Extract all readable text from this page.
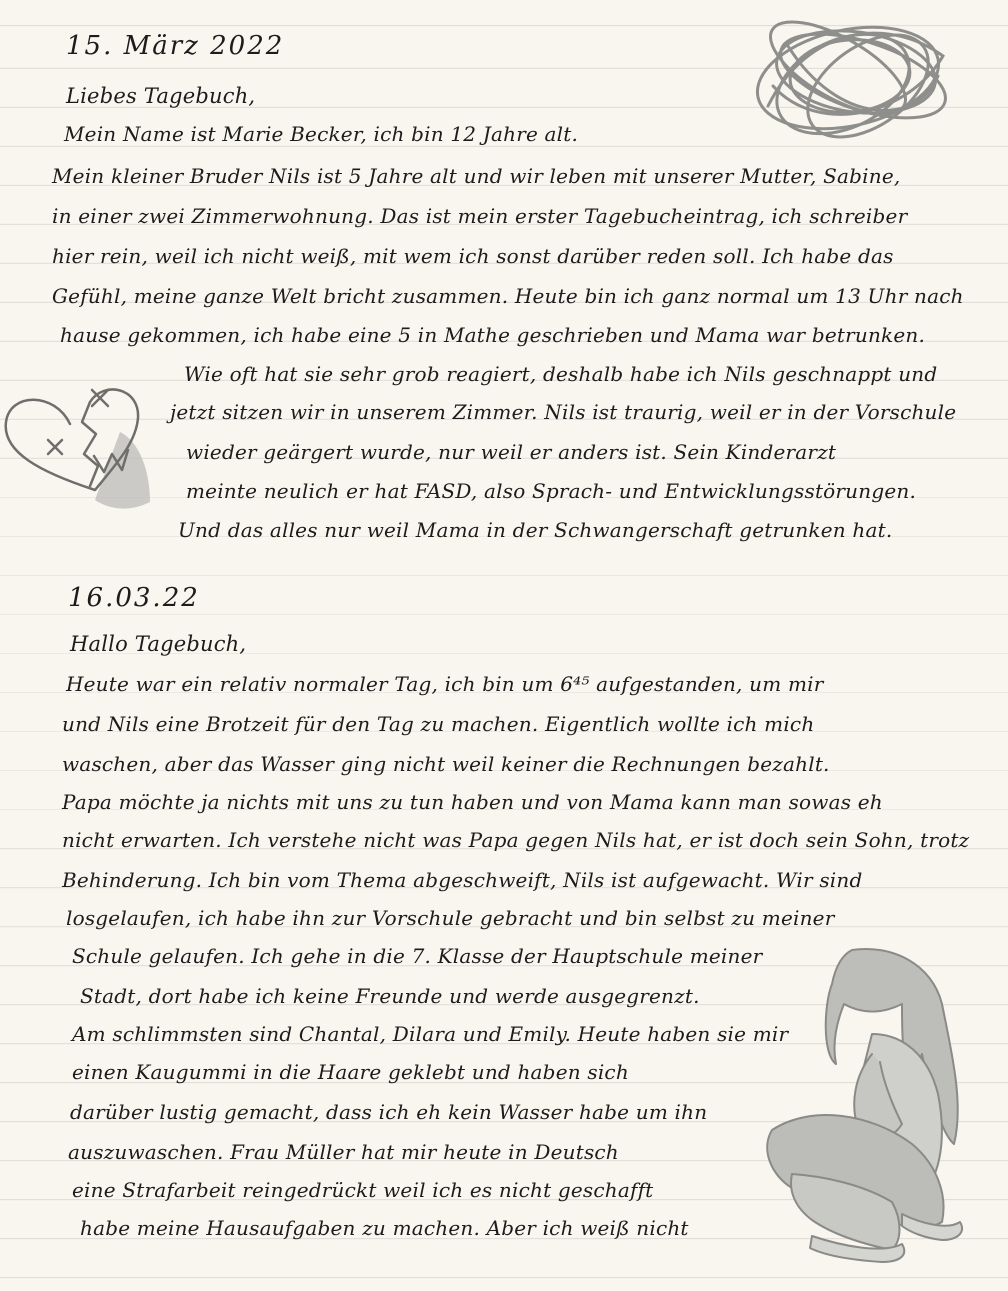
15. März 2022
Liebes Tagebuch,
Mein Name ist Marie Becker, ich bin 12 Jahre alt.
Mein kleiner Bruder Nils ist 5 Jahre alt und wir leben mit unserer Mutter, Sabine,
in einer zwei Zimmerwohnung. Das ist mein erster Tagebucheintrag, ich schreiber
hier rein, weil ich nicht weiß, mit wem ich sonst darüber reden soll. Ich habe das
Gefühl, meine ganze Welt bricht zusammen. Heute bin ich ganz normal um 13 Uhr nach
hause gekommen, ich habe eine 5 in Mathe geschrieben und Mama war betrunken.
Wie oft hat sie sehr grob reagiert, deshalb habe ich Nils geschnappt und
jetzt sitzen wir in unserem Zimmer. Nils ist traurig, weil er in der Vorschule
wieder geärgert wurde, nur weil er anders ist. Sein Kinderarzt
meinte neulich er hat FASD, also Sprach- und Entwicklungsstörungen.
Und das alles nur weil Mama in der Schwangerschaft getrunken hat.
16.03.22
Hallo Tagebuch,
Heute war ein relativ normaler Tag, ich bin um 6⁴⁵ aufgestanden, um mir
und Nils eine Brotzeit für den Tag zu machen. Eigentlich wollte ich mich
waschen, aber das Wasser ging nicht weil keiner die Rechnungen bezahlt.
Papa möchte ja nichts mit uns zu tun haben und von Mama kann man sowas eh
nicht erwarten. Ich verstehe nicht was Papa gegen Nils hat, er ist doch sein Sohn, trotz
Behinderung. Ich bin vom Thema abgeschweift, Nils ist aufgewacht. Wir sind
losgelaufen, ich habe ihn zur Vorschule gebracht und bin selbst zu meiner
Schule gelaufen. Ich gehe in die 7. Klasse der Hauptschule meiner
Stadt, dort habe ich keine Freunde und werde ausgegrenzt.
Am schlimmsten sind Chantal, Dilara und Emily. Heute haben sie mir
einen Kaugummi in die Haare geklebt und haben sich
darüber lustig gemacht, dass ich eh kein Wasser habe um ihn
auszuwaschen. Frau Müller hat mir heute in Deutsch
eine Strafarbeit reingedrückt weil ich es nicht geschafft
habe meine Hausaufgaben zu machen. Aber ich weiß nicht
